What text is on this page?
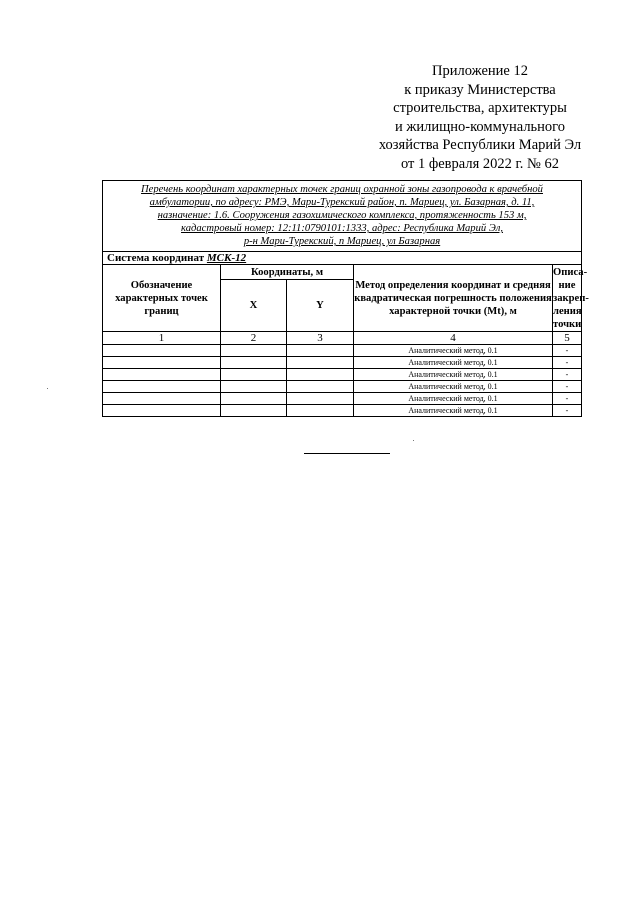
Приложение 12
к приказу Министерства
строительства, архитектуры
и жилищно-коммунального
хозяйства Республики Марий Эл
от 1 февраля 2022 г. № 62
Перечень координат характерных точек границ охранной зоны газопровода к врачебной
амбулатории, по адресу: РМЭ, Мари-Турекский район, п. Мариец, ул. Базарная, д. 11,
назначение: 1.6. Сооружения газохимического комплекса, протяженность 153 м,
кадастровый номер: 12:11:0790101:1333, адрес: Республика Марий Эл,
р-н Мари-Турекский, п Мариец, ул Базарная				

Система координат МСК-12				
Обозначение характерных точек границ	Координаты, м		Метод определения координат и средняя квадратическая погрешность положения характерной точки (Mt), м	Описа-ние закреп-ления точки
	X	Y		
1	2	3	4	5
			Аналитический метод, 0.1	-
			Аналитический метод, 0.1	-
			Аналитический метод, 0.1	-
			Аналитический метод, 0.1	-
			Аналитический метод, 0.1	-
			Аналитический метод, 0.1	-
